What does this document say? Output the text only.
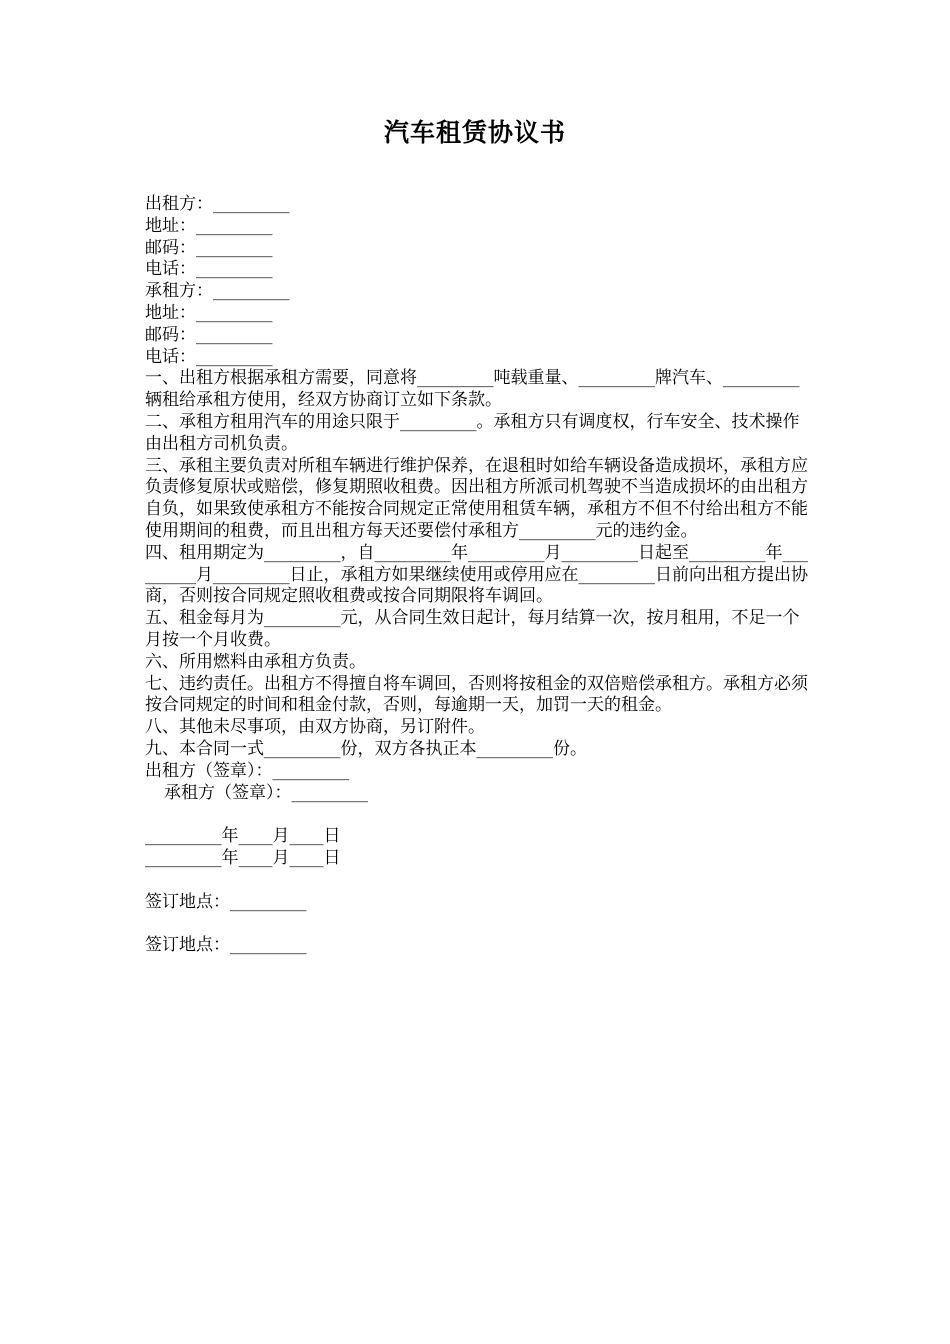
汽车租赁协议书
出租方：_________
地址：_________
邮码：_________
电话：_________
承租方：_________
地址：_________
邮码：_________
电话：_________
一、出租方根据承租方需要，同意将_________吨载重量、_________牌汽车、_________辆租给承租方使用，经双方协商订立如下条款。
二、承租方租用汽车的用途只限于_________。承租方只有调度权，行车安全、技术操作由出租方司机负责。
三、承租主要负责对所租车辆进行维护保养，在退租时如给车辆设备造成损坏，承租方应负责修复原状或赔偿，修复期照收租费。因出租方所派司机驾驶不当造成损坏的由出租方自负，如果致使承租方不能按合同规定正常使用租赁车辆，承租方不但不付给出租方不能使用期间的租费，而且出租方每天还要偿付承租方_________元的违约金。
四、租用期定为_________，自_________年_________月_________日起至_________年_________月_________日止，承租方如果继续使用或停用应在_________日前向出租方提出协商，否则按合同规定照收租费或按合同期限将车调回。
五、租金每月为_________元，从合同生效日起计，每月结算一次，按月租用，不足一个月按一个月收费。
六、所用燃料由承租方负责。
七、违约责任。出租方不得擅自将车调回，否则将按租金的双倍赔偿承租方。承租方必须按合同规定的时间和租金付款，否则，每逾期一天，加罚一天的租金。
八、其他未尽事项，由双方协商，另订附件。
九、本合同一式_________份，双方各执正本_________份。
出租方（签章）：_________
承租方（签章）：_________
_________年____月____日
_________年____月____日
签订地点：_________
签订地点：_________
